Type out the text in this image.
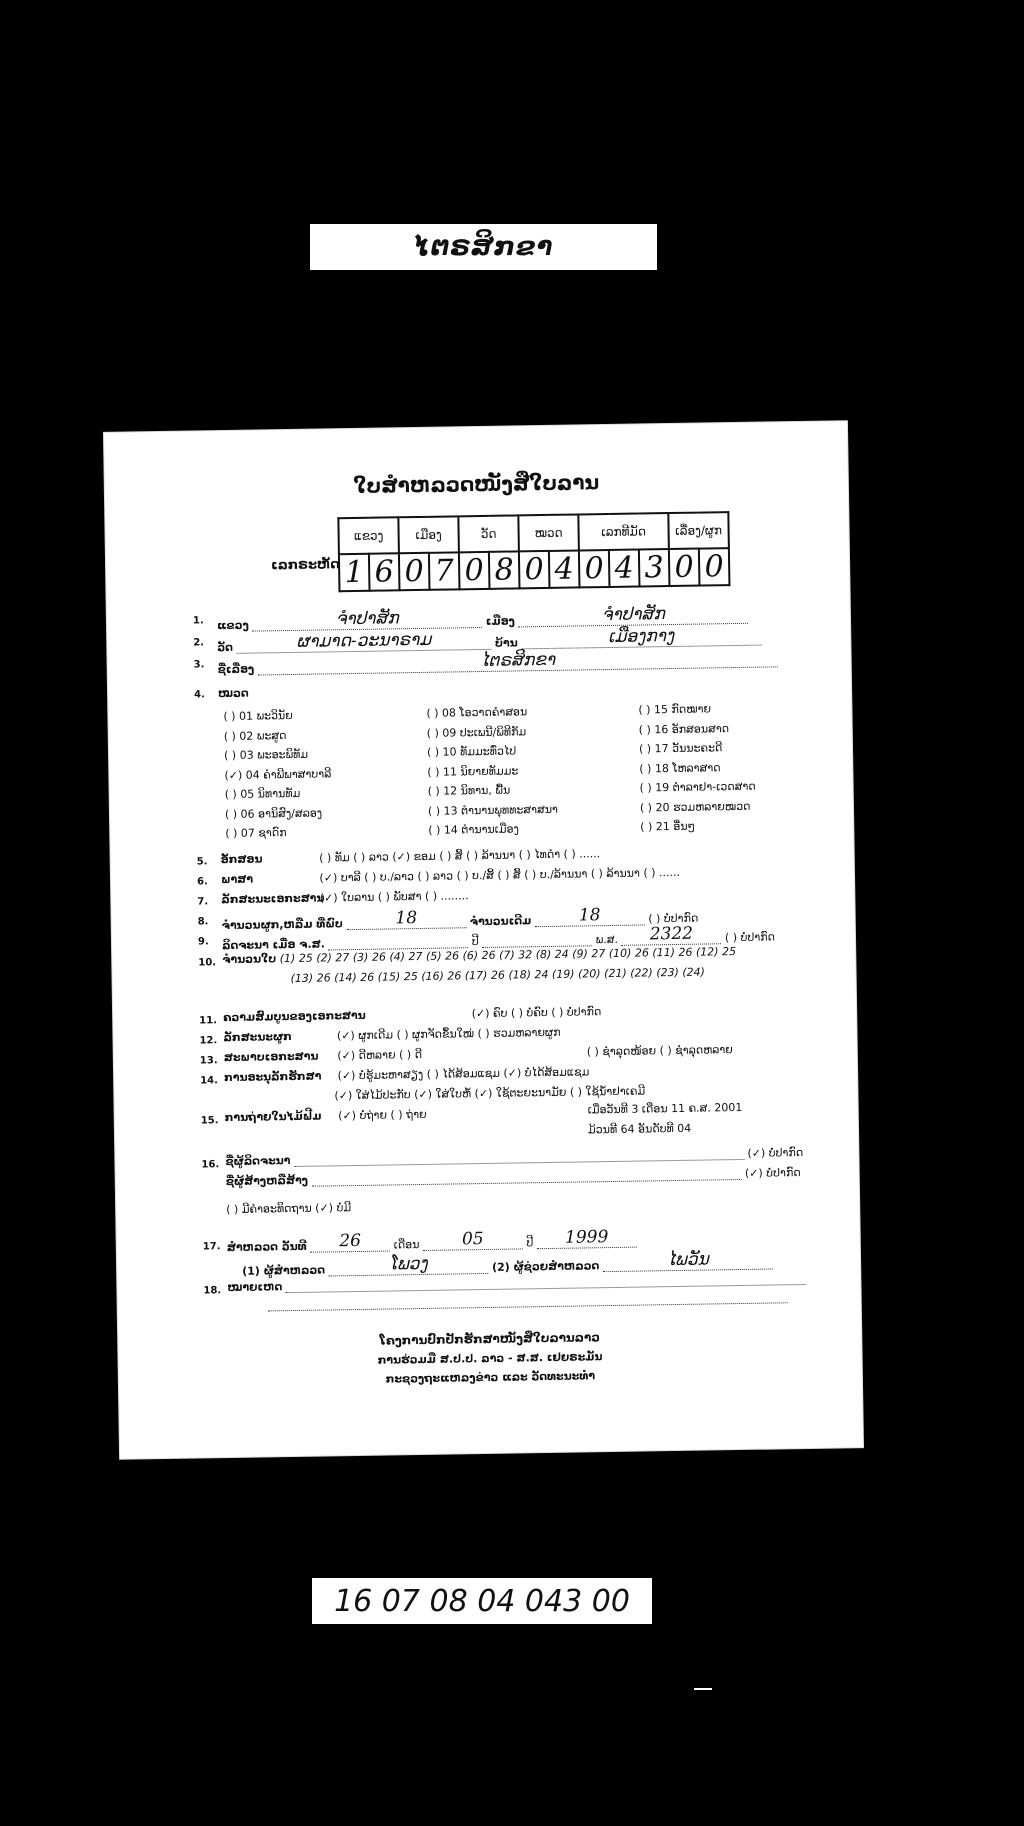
ໄຕຣສິກຂາ
ໃບສຳຫລວດໜັງສືໃບລານ
ເລກຣະຫັດ
ແຂວງ		ເມືອງ		ວັດ		ໝວດ		ເລກທີມັດ			ເລື່ອງ/ຜູກ	
1	6	0	7	0	8	0	4	0	4	3	0	0
1. ແຂວງ	ຈຳປາສັກ	ເມືອງ	ຈຳປາສັກ
2. ວັດ	ຜາມາດ-ວະນາຣາມ	ບ້ານ	ເມືອງກາງ
3. ຊື່ເລື່ອງ	ໄຕຣສິກຂາ
4. ໝວດ
( ) 01 ພະວິນັຍ
( ) 02 ພະສູດ
( ) 03 ພະອະພິທັມ
(✓) 04 ຄຳພີພາສາບາລີ
( ) 05 ນິທານທັມ
( ) 06 ອານິສົງ/ສລອງ
( ) 07 ຊາດົກ
( ) 08 ໂອວາດຄຳສອນ
( ) 09 ປະເພນີ/ພິທີກັມ
( ) 10 ທັມມະທົ່ວໄປ
( ) 11 ນິຍາຍທັມມະ
( ) 12 ນິທານ, ພື້ນ
( ) 13 ຕຳນານພຸທທະສາສນາ
( ) 14 ຕຳນານເມືອງ
( ) 15 ກົດໝາຍ
( ) 16 ອັກສອນສາດ
( ) 17 ວັນນະຄະດີ
( ) 18 ໂຫລາສາດ
( ) 19 ຕຳລາຢາ-ເວດສາດ
( ) 20 ຮວມຫລາຍໝວດ
( ) 21 ອື່ນໆ
5. ອັກສອນ	( ) ທັມ ( ) ລາວ (✓) ຂອມ ( ) ສິ້ ( ) ລ້ານນາ ( ) ໄທດຳ ( ) ......
6. ພາສາ	(✓) ບາລີ ( ) ບ./ລາວ ( ) ລາວ ( ) ບ./ສິ້ ( ) ສິ້ ( ) ບ./ລ້ານນາ ( ) ລ້ານນາ ( ) ......
7. ລັກສະນະເອກະສານ (✓) ໃບລານ ( ) ພັບສາ ( ) ........
8. ຈຳນວນຜູກ,ຫລືມ ທີ່ພົບ	18	ຈຳນວນເດີມ	18	( ) ບໍ່ປາກົດ
9. ລິດຈະນາ ເມື່ອ ຈ.ສ.	ປີ	ພ.ສ. 2322	( ) ບໍ່ປາກົດ
10. ຈຳນວນໃບ (1) 25 (2) 27 (3) 26 (4) 27 (5) 26 (6) 26 (7) 32 (8) 24 (9) 27 (10) 26 (11) 26 (12) 25
(13) 26 (14) 26 (15) 25 (16) 26 (17) 26 (18) 24 (19) (20) (21) (22) (23) (24)
11. ຄວາມສົມບູນຂອງເອກະສານ	(✓) ຄົບ ( ) ບໍ່ຄົບ ( ) ບໍ່ປາກົດ
12. ລັກສະນະຜູກ	(✓) ຜູກເດີມ ( ) ຜູກຈັດຂຶ້ນໃໝ່ ( ) ຮວມຫລາຍຜູກ
( ) ຊໍາລຸດໜ້ອຍ ( ) ຊໍາລຸດຫລາຍ
13. ສະພາບເອກະສານ (✓) ດີຫລາຍ ( ) ດີ
14. ການອະນຸລັກຮັກສາ (✓) ບໍ່ຮູ້ມະຫາສຽງ ( ) ໄດ້ສ້ອມແຊມ (✓) ບໍ່ໄດ້ສ້ອມແຊມ
(✓) ໃສ່ໄມ້ປະກັບ (✓) ໃສ່ໃບຫໍ້ (✓) ໃຊ້ຕະຍະນາມັຍ ( ) ໃຊ້ນ້ຳຢາເຄມີ
15. ການຖ່າຍໃນໄມ້ຟີມ (✓) ບໍ່ຖ່າຍ ( ) ຖ່າຍ	ເມື່ອວັນທີ 3 ເດືອນ 11 ຄ.ສ. 2001
ມ້ວນທີ 64 ອັນດັບທີ 04
16. ຊື່ຜູ້ລິດຈະນາ  (✓) ບໍ່ປາກົດ
ຊື່ຜູ້ສ້າງຫລືສ້າງ  (✓) ບໍ່ປາກົດ
( ) ມີຄຳອະທິດຖານ (✓) ບໍ່ມີ
17. ສຳຫລວດ ວັນທີ 26	ເດືອນ 05	ປີ 1999
(1) ຜູ້ສຳຫລວດ	ໂພວງ	(2) ຜູ້ຊ່ວຍສຳຫລວດ	ໄພວັນ
18. ໝາຍເຫດ
ໂຄງການປົກປັກຮັກສາໜັງສືໃບລານລາວ
ການຮ່ວມມື ສ.ປ.ປ. ລາວ - ສ.ສ. ເຢຍຣະມັນ
ກະຊວງຖະແຫລງຂ່າວ ແລະ ວັດທະນະທຳ
16 07 08 04 043 00
